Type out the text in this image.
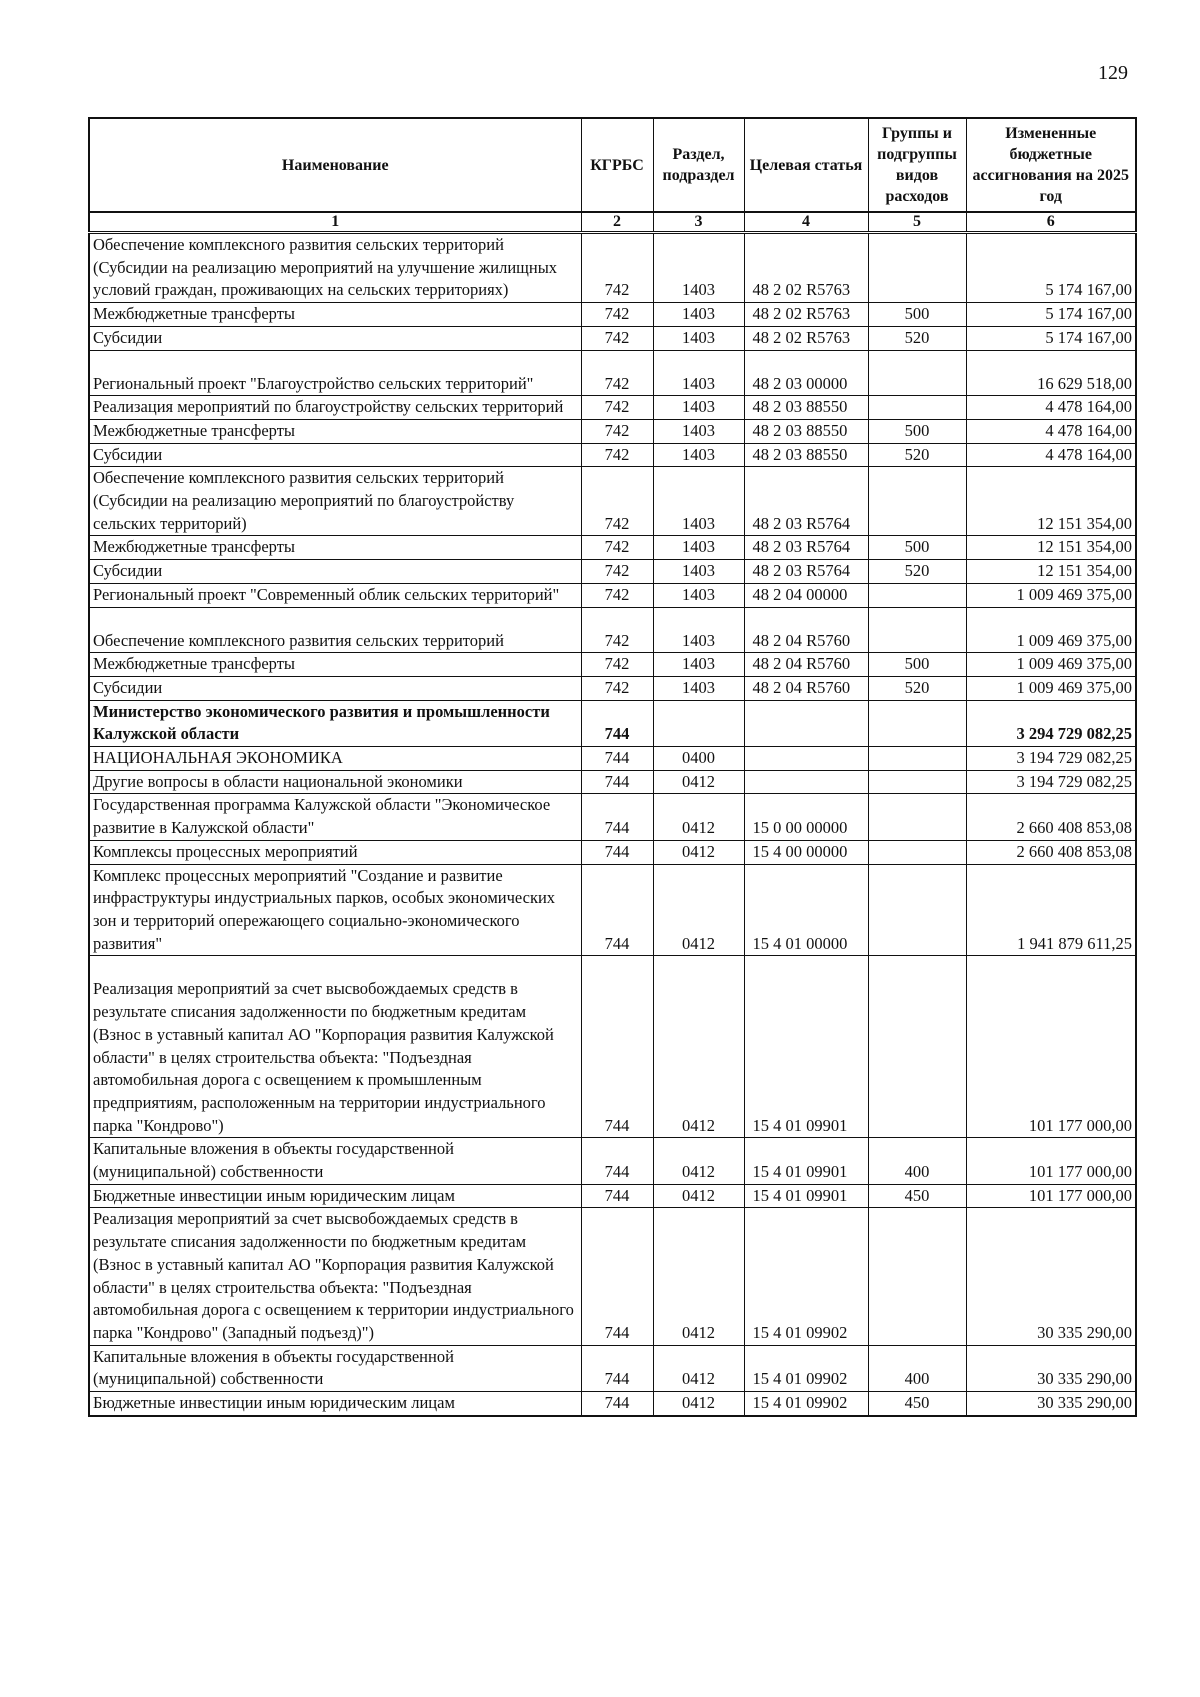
129
Наименование	КГРБС	Раздел, подраздел	Целевая статья	Группы и подгруппы видов расходов	Измененные бюджетные ассигнования на 2025 год
1	2	3	4	5	6
Обеспечение комплексного развития сельских территорий (Субсидии на реализацию мероприятий на улучшение жилищных условий граждан, проживающих на сельских территориях)	742	1403	48 2 02 R5763		5 174 167,00
Межбюджетные трансферты	742	1403	48 2 02 R5763	500	5 174 167,00
Субсидии	742	1403	48 2 02 R5763	520	5 174 167,00
Региональный проект "Благоустройство сельских территорий"	742	1403	48 2 03 00000		16 629 518,00
Реализация мероприятий по благоустройству сельских территорий	742	1403	48 2 03 88550		4 478 164,00
Межбюджетные трансферты	742	1403	48 2 03 88550	500	4 478 164,00
Субсидии	742	1403	48 2 03 88550	520	4 478 164,00
Обеспечение комплексного развития сельских территорий (Субсидии на реализацию мероприятий по благоустройству сельских территорий)	742	1403	48 2 03 R5764		12 151 354,00
Межбюджетные трансферты	742	1403	48 2 03 R5764	500	12 151 354,00
Субсидии	742	1403	48 2 03 R5764	520	12 151 354,00
Региональный проект "Современный облик сельских территорий"	742	1403	48 2 04 00000		1 009 469 375,00
Обеспечение комплексного развития сельских территорий	742	1403	48 2 04 R5760		1 009 469 375,00
Межбюджетные трансферты	742	1403	48 2 04 R5760	500	1 009 469 375,00
Субсидии	742	1403	48 2 04 R5760	520	1 009 469 375,00
Министерство экономического развития и промышленности Калужской области	744				3 294 729 082,25
НАЦИОНАЛЬНАЯ ЭКОНОМИКА	744	0400			3 194 729 082,25
Другие вопросы в области национальной экономики	744	0412			3 194 729 082,25
Государственная программа Калужской области "Экономическое развитие в Калужской области"	744	0412	15 0 00 00000		2 660 408 853,08
Комплексы процессных мероприятий	744	0412	15 4 00 00000		2 660 408 853,08
Комплекс процессных мероприятий "Создание и развитие инфраструктуры индустриальных парков, особых экономических зон и территорий опережающего социально-экономического развития"	744	0412	15 4 01 00000		1 941 879 611,25
Реализация мероприятий за счет высвобождаемых средств в результате списания задолженности по бюджетным кредитам (Взнос в уставный капитал АО "Корпорация развития Калужской области" в целях строительства объекта: "Подъездная автомобильная дорога с освещением к промышленным предприятиям, расположенным на территории индустриального парка "Кондрово")	744	0412	15 4 01 09901		101 177 000,00
Капитальные вложения в объекты государственной (муниципальной) собственности	744	0412	15 4 01 09901	400	101 177 000,00
Бюджетные инвестиции иным юридическим лицам	744	0412	15 4 01 09901	450	101 177 000,00
Реализация мероприятий за счет высвобождаемых средств в результате списания задолженности по бюджетным кредитам (Взнос в уставный капитал АО "Корпорация развития Калужской области" в целях строительства объекта: "Подъездная автомобильная дорога с освещением к территории индустриального парка "Кондрово" (Западный подъезд)")	744	0412	15 4 01 09902		30 335 290,00
Капитальные вложения в объекты государственной (муниципальной) собственности	744	0412	15 4 01 09902	400	30 335 290,00
Бюджетные инвестиции иным юридическим лицам	744	0412	15 4 01 09902	450	30 335 290,00
